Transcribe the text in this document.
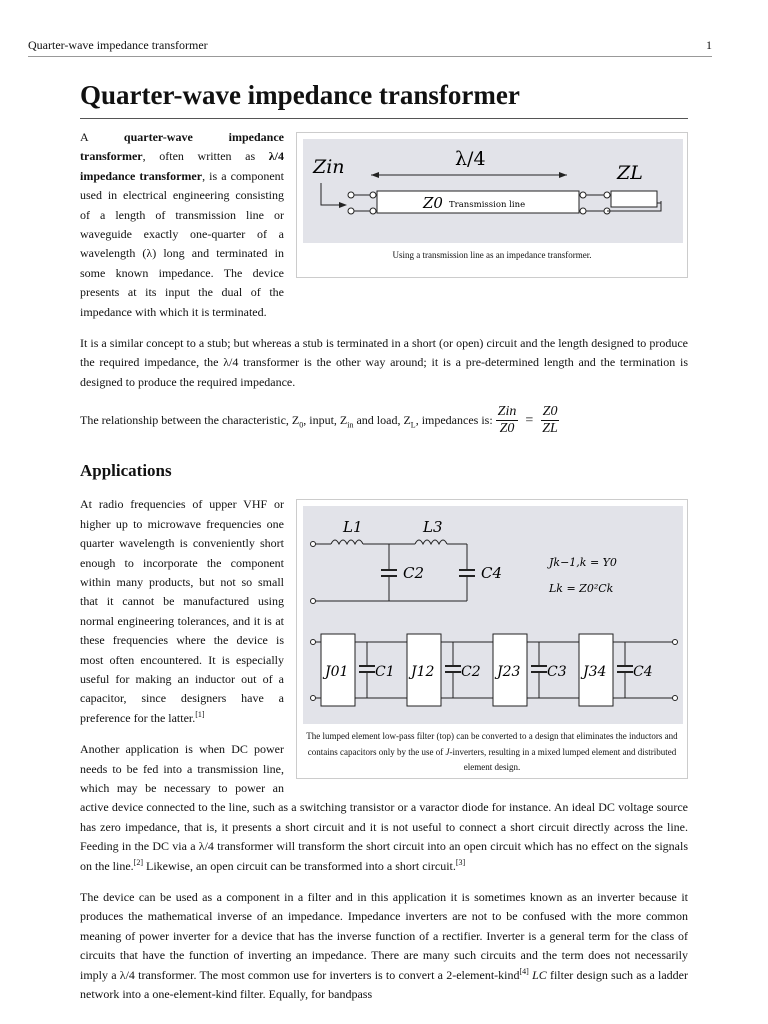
Quarter-wave impedance transformer	1
Quarter-wave impedance transformer
Zin	λ/4
ZL
Z0 Transmission line
Using a transmission line as an impedance transformer.

A quarter-wave impedance transformer, often written as λ/4 impedance transformer, is a component used in electrical engineering consisting of a length of transmission line or waveguide exactly one-quarter of a wavelength (λ) long and terminated in some known impedance. The device presents at its input the dual of the impedance with which it is terminated.

It is a similar concept to a stub; but whereas a stub is terminated in a short (or open) circuit and the length designed to produce the required impedance, the λ/4 transformer is the other way around; it is a pre-determined length and the termination is designed to produce the required impedance.

The relationship between the characteristic, $Z_0$, input, $Z_{in}$ and load, $Z_L$, impedances is: $\frac{\text{Zin}}{Z0} = \frac{Z0}{ZL}$
Applications
L1	L3
C2	C4
Jk−1,k = Y0
Lk = Z0²Ck
J01 C1 J12 C2 J23 C3 J34 C4
The lumped element low-pass filter (top) can be converted to a design that eliminates the inductors and contains capacitors only by the use of J-inverters, resulting in a mixed lumped element and distributed element design.

At radio frequencies of upper VHF or higher up to microwave frequencies one quarter wavelength is conveniently short enough to incorporate the component within many products, but not so small that it cannot be manufactured using normal engineering tolerances, and it is at these frequencies where the device is most often encountered. It is especially useful for making an inductor out of a capacitor, since designers have a preference for the latter.[1]

Another application is when DC power needs to be fed into a transmission line, which may be necessary to power an active device connected to the line, such as a switching transistor or a varactor diode for instance. An ideal DC voltage source has zero impedance, that is, it presents a short circuit and it is not useful to connect a short circuit directly across the line. Feeding in the DC via a λ/4 transformer will transform the short circuit into an open circuit which has no effect on the signals on the line.[2] Likewise, an open circuit can be transformed into a short circuit.[3]

The device can be used as a component in a filter and in this application it is sometimes known as an inverter because it produces the mathematical inverse of an impedance. Impedance inverters are not to be confused with the more common meaning of power inverter for a device that has the inverse function of a rectifier. Inverter is a general term for the class of circuits that have the function of inverting an impedance. There are many such circuits and the term does not necessarily imply a λ/4 transformer. The most common use for inverters is to convert a 2-element-kind[4] LC filter design such as a ladder network into a one-element-kind filter. Equally, for bandpass
